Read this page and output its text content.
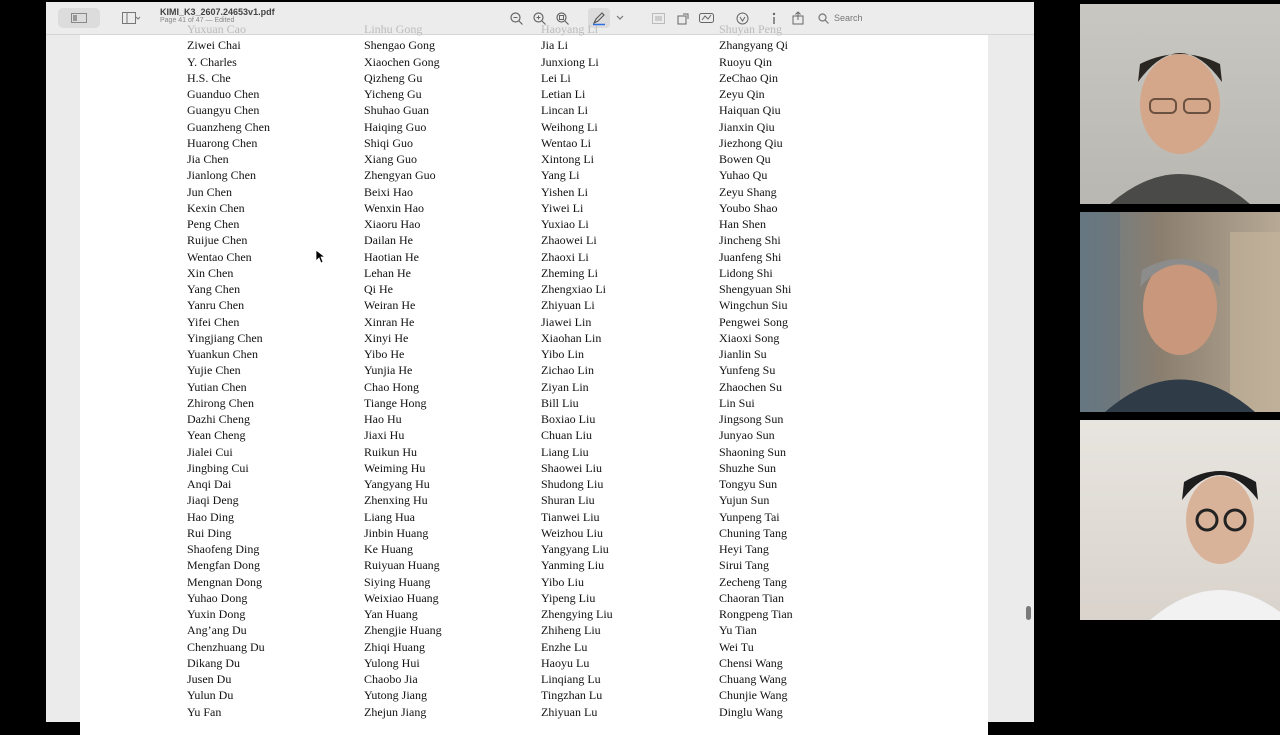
KIMI_K3_2607.24653v1.pdf
Page 41 of 47 — Edited	Search
Yuxuan Cao
Ziwei Chai
Y. Charles
H.S. Che
Guanduo Chen
Guangyu Chen
Guanzheng Chen
Huarong Chen
Jia Chen
Jianlong Chen
Jun Chen
Kexin Chen
Peng Chen
Ruijue Chen
Wentao Chen
Xin Chen
Yang Chen
Yanru Chen
Yifei Chen
Yingjiang Chen
Yuankun Chen
Yujie Chen
Yutian Chen
Zhirong Chen
Dazhi Cheng
Yean Cheng
Jialei Cui
Jingbing Cui
Anqi Dai
Jiaqi Deng
Hao Ding
Rui Ding
Shaofeng Ding
Mengfan Dong
Mengnan Dong
Yuhao Dong
Yuxin Dong
Ang’ang Du
Chenzhuang Du
Dikang Du
Jusen Du
Yulun Du
Yu Fan
Linhu Gong
Shengao Gong
Xiaochen Gong
Qizheng Gu
Yicheng Gu
Shuhao Guan
Haiqing Guo
Shiqi Guo
Xiang Guo
Zhengyan Guo
Beixi Hao
Wenxin Hao
Xiaoru Hao
Dailan He
Haotian He
Lehan He
Qi He
Weiran He
Xinran He
Xinyi He
Yibo He
Yunjia He
Chao Hong
Tiange Hong
Hao Hu
Jiaxi Hu
Ruikun Hu
Weiming Hu
Yangyang Hu
Zhenxing Hu
Liang Hua
Jinbin Huang
Ke Huang
Ruiyuan Huang
Siying Huang
Weixiao Huang
Yan Huang
Zhengjie Huang
Zhiqi Huang
Yulong Hui
Chaobo Jia
Yutong Jiang
Zhejun Jiang
Haoyang Li
Jia Li
Junxiong Li
Lei Li
Letian Li
Lincan Li
Weihong Li
Wentao Li
Xintong Li
Yang Li
Yishen Li
Yiwei Li
Yuxiao Li
Zhaowei Li
Zhaoxi Li
Zheming Li
Zhengxiao Li
Zhiyuan Li
Jiawei Lin
Xiaohan Lin
Yibo Lin
Zichao Lin
Ziyan Lin
Bill Liu
Boxiao Liu
Chuan Liu
Liang Liu
Shaowei Liu
Shudong Liu
Shuran Liu
Tianwei Liu
Weizhou Liu
Yangyang Liu
Yanming Liu
Yibo Liu
Yipeng Liu
Zhengying Liu
Zhiheng Liu
Enzhe Lu
Haoyu Lu
Linqiang Lu
Tingzhan Lu
Zhiyuan Lu
Shuyan Peng
Zhangyang Qi
Ruoyu Qin
ZeChao Qin
Zeyu Qin
Haiquan Qiu
Jianxin Qiu
Jiezhong Qiu
Bowen Qu
Yuhao Qu
Zeyu Shang
Youbo Shao
Han Shen
Jincheng Shi
Juanfeng Shi
Lidong Shi
Shengyuan Shi
Wingchun Siu
Pengwei Song
Xiaoxi Song
Jianlin Su
Yunfeng Su
Zhaochen Su
Lin Sui
Jingsong Sun
Junyao Sun
Shaoning Sun
Shuzhe Sun
Tongyu Sun
Yujun Sun
Yunpeng Tai
Chuning Tang
Heyi Tang
Sirui Tang
Zecheng Tang
Chaoran Tian
Rongpeng Tian
Yu Tian
Wei Tu
Chensi Wang
Chuang Wang
Chunjie Wang
Dinglu Wang
